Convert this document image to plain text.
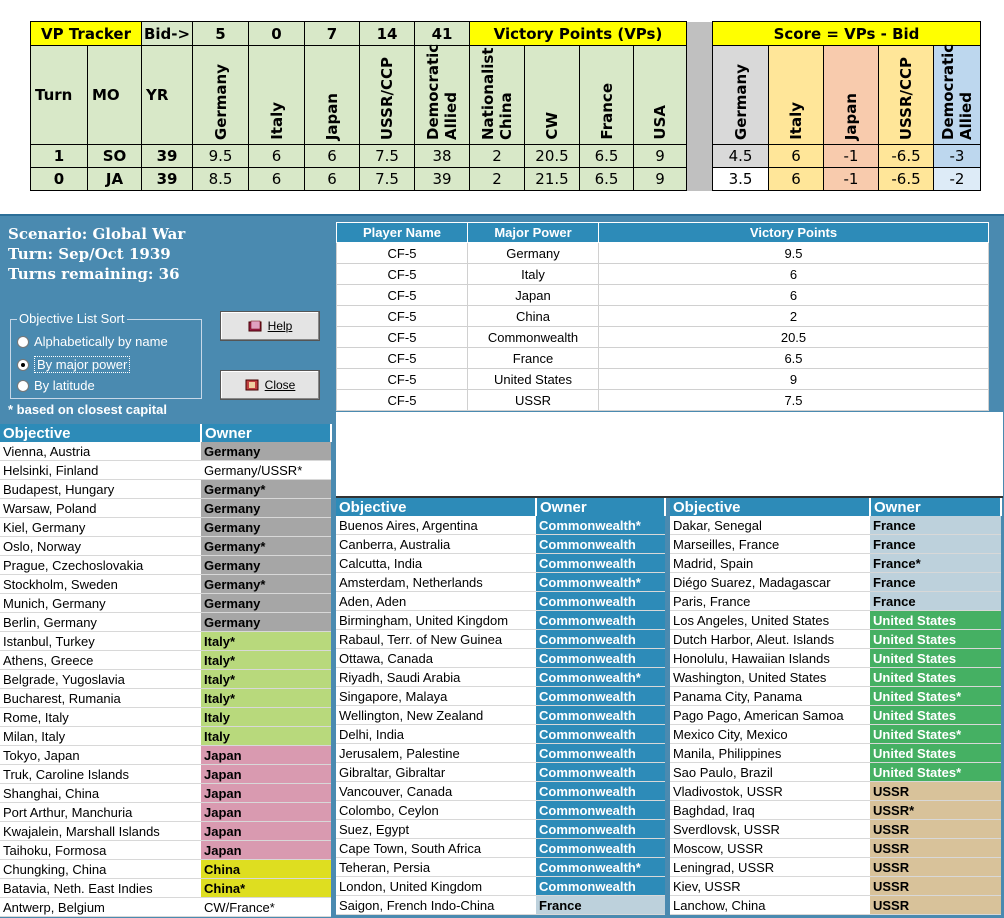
VP Tracker		Bid->	5	0	7	14	41	Victory Points (VPs)					Score = VPs - Bid				
Turn	MO	YR	Germany	Italy	Japan	USSR/CCP	Democratic Allied	Nationalist China	CW	France	USA		Germany	Italy	Japan	USSR/CCP	Democratic Allied
1	SO	39	9.5	6	6	7.5	38	2	20.5	6.5	9		4.5	6	-1	-6.5	-3
0	JA	39	8.5	6	6	7.5	39	2	21.5	6.5	9		3.5	6	-1	-6.5	-2
Scenario: Global War
Turn: Sep/Oct 1939
Turns remaining: 36
Objective List Sort
Alphabetically by name
By major power
By latitude
Help
Close
* based on closest capital
Player Name	Major Power	Victory Points
CF-5	Germany	9.5
CF-5	Italy	6
CF-5	Japan	6
CF-5	China	2
CF-5	Commonwealth	20.5
CF-5	France	6.5
CF-5	United States	9
CF-5	USSR	7.5
Objective	Owner
Vienna, Austria	Germany
Helsinki, Finland	Germany/USSR*
Budapest, Hungary	Germany*
Warsaw, Poland	Germany
Kiel, Germany	Germany
Oslo, Norway	Germany*
Prague, Czechoslovakia	Germany
Stockholm, Sweden	Germany*
Munich, Germany	Germany
Berlin, Germany	Germany
Istanbul, Turkey	Italy*
Athens, Greece	Italy*
Belgrade, Yugoslavia	Italy*
Bucharest, Rumania	Italy*
Rome, Italy	Italy
Milan, Italy	Italy
Tokyo, Japan	Japan
Truk, Caroline Islands	Japan
Shanghai, China	Japan
Port Arthur, Manchuria	Japan
Kwajalein, Marshall Islands	Japan
Taihoku, Formosa	Japan
Chungking, China	China
Batavia, Neth. East Indies	China*
Antwerp, Belgium	CW/France*
Objective	Owner
Buenos Aires, Argentina	Commonwealth*
Canberra, Australia	Commonwealth
Calcutta, India	Commonwealth
Amsterdam, Netherlands	Commonwealth*
Aden, Aden	Commonwealth
Birmingham, United Kingdom	Commonwealth
Rabaul, Terr. of New Guinea	Commonwealth
Ottawa, Canada	Commonwealth
Riyadh, Saudi Arabia	Commonwealth*
Singapore, Malaya	Commonwealth
Wellington, New Zealand	Commonwealth
Delhi, India	Commonwealth
Jerusalem, Palestine	Commonwealth
Gibraltar, Gibraltar	Commonwealth
Vancouver, Canada	Commonwealth
Colombo, Ceylon	Commonwealth
Suez, Egypt	Commonwealth
Cape Town, South Africa	Commonwealth
Teheran, Persia	Commonwealth*
London, United Kingdom	Commonwealth
Saigon, French Indo-China	France
Objective	Owner
Dakar, Senegal	France
Marseilles, France	France
Madrid, Spain	France*
Diégo Suarez, Madagascar	France
Paris, France	France
Los Angeles, United States	United States
Dutch Harbor, Aleut. Islands	United States
Honolulu, Hawaiian Islands	United States
Washington, United States	United States
Panama City, Panama	United States*
Pago Pago, American Samoa	United States
Mexico City, Mexico	United States*
Manila, Philippines	United States
Sao Paulo, Brazil	United States*
Vladivostok, USSR	USSR
Baghdad, Iraq	USSR*
Sverdlovsk, USSR	USSR
Moscow, USSR	USSR
Leningrad, USSR	USSR
Kiev, USSR	USSR
Lanchow, China	USSR
